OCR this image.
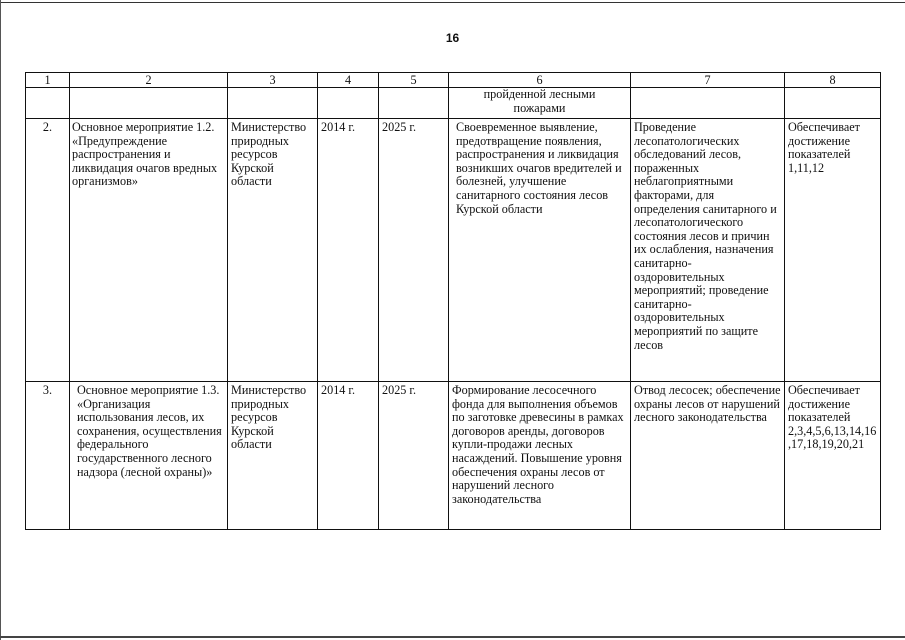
16
1	2	3	4	5	6	7	8
					пройденной лесными пожарами		
2.	Основное мероприятие 1.2. «Предупреждение распространения и ликвидация очагов вредных организмов»	Министерство природных ресурсов Курской области	2014 г.	2025 г.	Своевременное выявление, предотвращение появления, распространения и ликвидация возникших очагов вредителей и болезней, улучшение санитарного состояния лесов Курской области	Проведение лесопатологических обследований лесов, пораженных неблагоприятными факторами, для определения санитарного и лесопатологического состояния лесов и причин их ослабления, назначения санитарно-оздоровительных мероприятий; проведение санитарно-оздоровительных мероприятий по защите лесов	Обеспечивает достижение показателей 1,11,12
3.	Основное мероприятие 1.3. «Организация использования лесов, их сохранения, осуществления федерального государственного лесного надзора (лесной охраны)»	Министерство природных ресурсов Курской области	2014 г.	2025 г.	Формирование лесосечного фонда для выполнения объемов по заготовке древесины в рамках договоров аренды, договоров купли-продажи лесных насаждений. Повышение уровня обеспечения охраны лесов от нарушений лесного законодательства	Отвод лесосек; обеспечение охраны лесов от нарушений лесного законодательства	Обеспечивает достижение показателей 2,3,4,5,6,13,14,16,17,18,19,20,21
